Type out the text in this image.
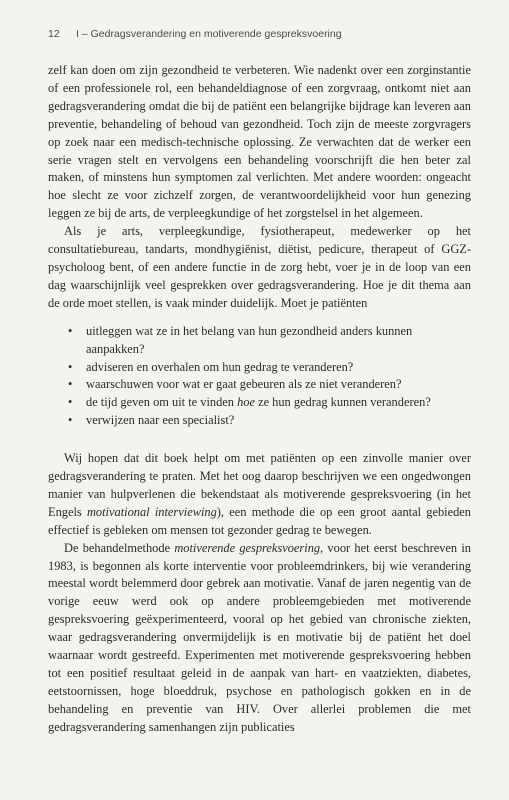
12 I – Gedragsverandering en motiverende gespreksvoering

zelf kan doen om zijn gezondheid te verbeteren. Wie nadenkt over een zorginstantie of een professionele rol, een behandeldiagnose of een zorgvraag, ontkomt niet aan gedragsverandering omdat die bij de patiënt een belangrijke bijdrage kan leveren aan preventie, behandeling of behoud van gezondheid. Toch zijn de meeste zorgvragers op zoek naar een medisch-technische oplossing. Ze verwachten dat de werker een serie vragen stelt en vervolgens een behandeling voorschrijft die hen beter zal maken, of minstens hun symptomen zal verlichten. Met andere woorden: ongeacht hoe slecht ze voor zichzelf zorgen, de verantwoordelijkheid voor hun genezing leggen ze bij de arts, de verpleegkundige of het zorgstelsel in het algemeen.

Als je arts, verpleegkundige, fysiotherapeut, medewerker op het consultatiebureau, tandarts, mondhygiënist, diëtist, pedicure, therapeut of GGZ-psycholoog bent, of een andere functie in de zorg hebt, voer je in de loop van een dag waarschijnlijk veel gesprekken over gedragsverandering. Hoe je dit thema aan de orde moet stellen, is vaak minder duidelijk. Moet je patiënten

• uitleggen wat ze in het belang van hun gezondheid anders kunnen aanpakken?
• adviseren en overhalen om hun gedrag te veranderen?
• waarschuwen voor wat er gaat gebeuren als ze niet veranderen?
• de tijd geven om uit te vinden hoe ze hun gedrag kunnen veranderen?
• verwijzen naar een specialist?

Wij hopen dat dit boek helpt om met patiënten op een zinvolle manier over gedragsverandering te praten. Met het oog daarop beschrijven we een ongedwongen manier van hulpverlenen die bekendstaat als motiverende gespreksvoering (in het Engels motivational interviewing), een methode die op een groot aantal gebieden effectief is gebleken om mensen tot gezonder gedrag te bewegen.

De behandelmethode motiverende gespreksvoering, voor het eerst beschreven in 1983, is begonnen als korte interventie voor probleemdrinkers, bij wie verandering meestal wordt belemmerd door gebrek aan motivatie. Vanaf de jaren negentig van de vorige eeuw werd ook op andere probleemgebieden met motiverende gespreksvoering geëxperimenteerd, vooral op het gebied van chronische ziekten, waar gedragsverandering onvermijdelijk is en motivatie bij de patiënt het doel waarnaar wordt gestreefd. Experimenten met motiverende gespreksvoering hebben tot een positief resultaat geleid in de aanpak van hart- en vaatziekten, diabetes, eetstoornissen, hoge bloeddruk, psychose en pathologisch gokken en in de behandeling en preventie van HIV. Over allerlei problemen die met gedragsverandering samenhangen zijn publicaties
